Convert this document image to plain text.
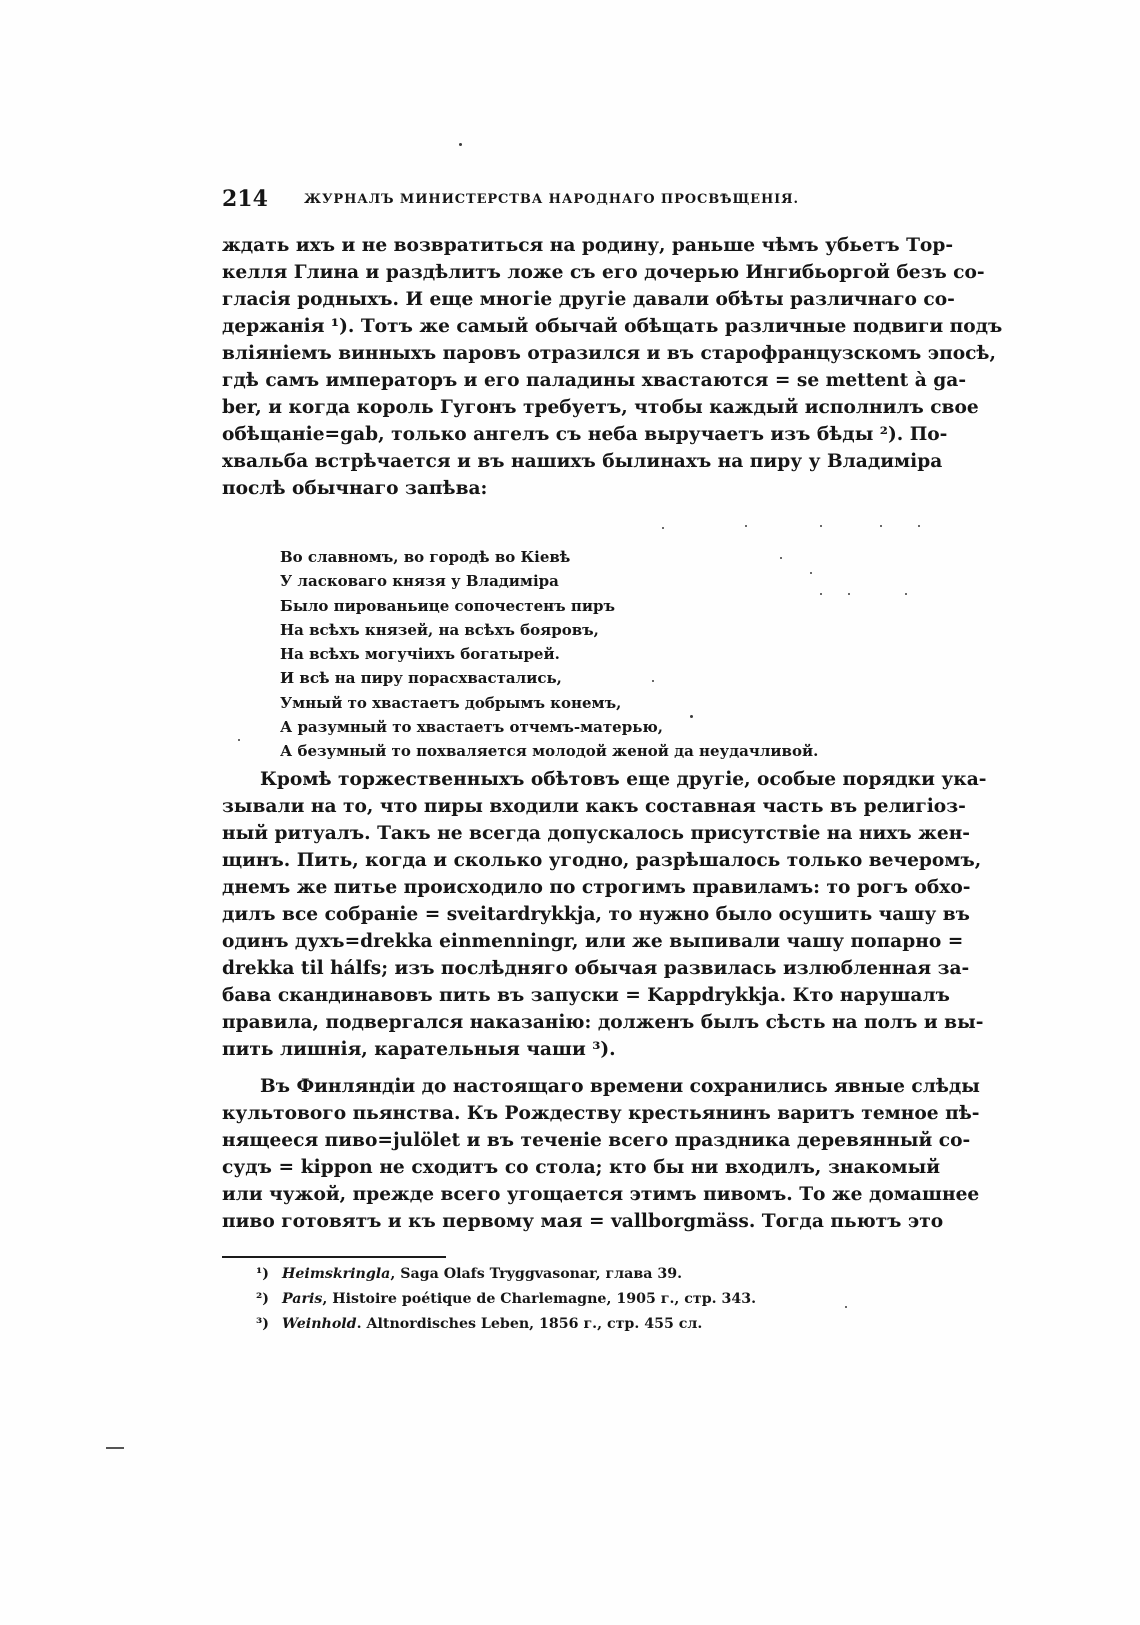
214	ЖУРНАЛЪ МИНИСТЕРСТВА НАРОДНАГО ПРОСВѢЩЕНІЯ.
ждать ихъ и не возвратиться на родину, раньше чѣмъ убьетъ Тор-
келля Глина и раздѣлитъ ложе съ его дочерью Ингибьоргой безъ со-
гласія родныхъ. И еще многіе другіе давали обѣты различнаго со-
держанія ¹). Тотъ же самый обычай обѣщать различные подвиги подъ
вліяніемъ винныхъ паровъ отразился и въ старофранцузскомъ эпосѣ,
гдѣ самъ императоръ и его паладины хвастаются = se mettent à ga-
ber, и когда король Гугонъ требуетъ, чтобы каждый исполнилъ свое
обѣщаніе=gab, только ангелъ съ неба выручаетъ изъ бѣды ²). По-
хвальба встрѣчается и въ нашихъ былинахъ на пиру у Владиміра
послѣ обычнаго запѣва:
Во славномъ, во городѣ во Кіевѣ
У ласковаго князя у Владиміра
Было пированьице сопочестенъ пиръ
На всѣхъ князей, на всѣхъ бояровъ,
На всѣхъ могучіихъ богатырей.
И всѣ на пиру порасхвастались,
Умный то хвастаетъ добрымъ конемъ,
А разумный то хвастаетъ отчемъ-матерью,
А безумный то похваляется молодой женой да неудачливой.
Кромѣ торжественныхъ обѣтовъ еще другіе, особые порядки ука-
зывали на то, что пиры входили какъ составная часть въ религіоз-
ный ритуалъ. Такъ не всегда допускалось присутствіе на нихъ жен-
щинъ. Пить, когда и сколько угодно, разрѣшалось только вечеромъ,
днемъ же питье происходило по строгимъ правиламъ: то рогъ обхо-
дилъ все собраніе = sveitardrykkja, то нужно было осушить чашу въ
одинъ духъ=drekka einmenningr, или же выпивали чашу попарно =
drekka til hálfs; изъ послѣдняго обычая развилась излюбленная за-
бава скандинавовъ пить въ запуски = Kappdrykkja. Кто нарушалъ
правила, подвергался наказанію: долженъ былъ сѣсть на полъ и вы-
пить лишнія, карательныя чаши ³).
Въ Финляндіи до настоящаго времени сохранились явные слѣды
культового пьянства. Къ Рождеству крестьянинъ варитъ темное пѣ-
нящееся пиво=julölet и въ теченіе всего праздника деревянный со-
судъ = kippon не сходитъ со стола; кто бы ни входилъ, знакомый
или чужой, прежде всего угощается этимъ пивомъ. То же домашнее
пиво готовятъ и къ первому мая = vallborgmäss. Тогда пьютъ это
¹) Heimskringla, Saga Olafs Tryggvasonar, глава 39.
²) Paris, Histoire poétique de Charlemagne, 1905 г., стр. 343.
³) Weinhold. Altnordisches Leben, 1856 г., стр. 455 сл.
